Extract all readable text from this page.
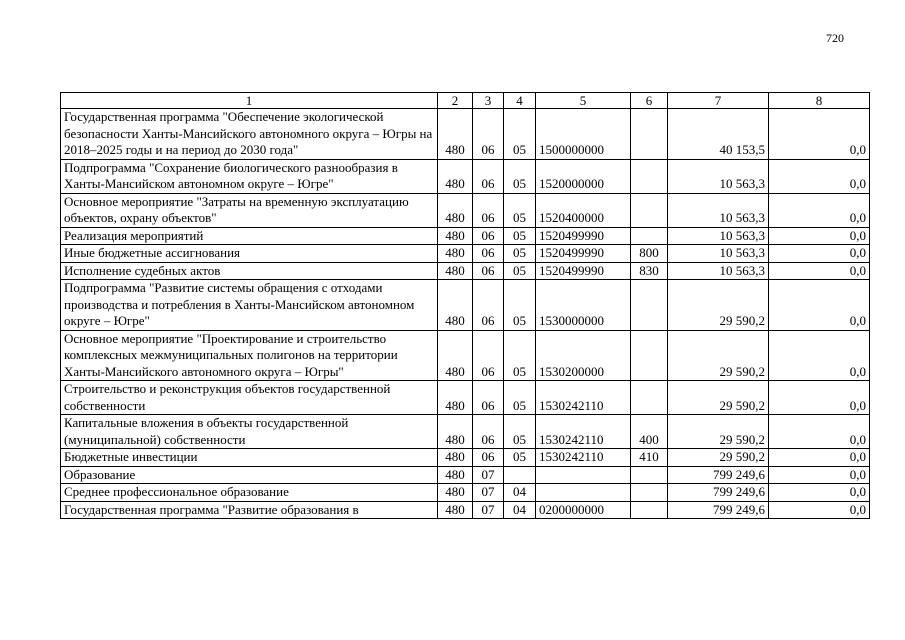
720
1	2	3	4	5	6	7	8
Государственная программа "Обеспечение экологической безопасности Ханты-Мансийского автономного округа – Югры на 2018–2025 годы и на период до 2030 года"	480	06	05	1500000000		40 153,5	0,0
Подпрограмма "Сохранение биологического разнообразия в Ханты-Мансийском автономном округе – Югре"	480	06	05	1520000000		10 563,3	0,0
Основное мероприятие "Затраты на временную эксплуатацию объектов, охрану объектов"	480	06	05	1520400000		10 563,3	0,0
Реализация мероприятий	480	06	05	1520499990		10 563,3	0,0
Иные бюджетные ассигнования	480	06	05	1520499990	800	10 563,3	0,0
Исполнение судебных актов	480	06	05	1520499990	830	10 563,3	0,0
Подпрограмма "Развитие системы обращения с отходами производства и потребления в Ханты-Мансийском автономном округе – Югре"	480	06	05	1530000000		29 590,2	0,0
Основное мероприятие "Проектирование и строительство комплексных межмуниципальных полигонов на территории Ханты-Мансийского автономного округа – Югры"	480	06	05	1530200000		29 590,2	0,0
Строительство и реконструкция объектов государственной собственности	480	06	05	1530242110		29 590,2	0,0
Капитальные вложения в объекты государственной (муниципальной) собственности	480	06	05	1530242110	400	29 590,2	0,0
Бюджетные инвестиции	480	06	05	1530242110	410	29 590,2	0,0
Образование	480	07				799 249,6	0,0
Среднее профессиональное образование	480	07	04			799 249,6	0,0
Государственная программа "Развитие образования в	480	07	04	0200000000		799 249,6	0,0
